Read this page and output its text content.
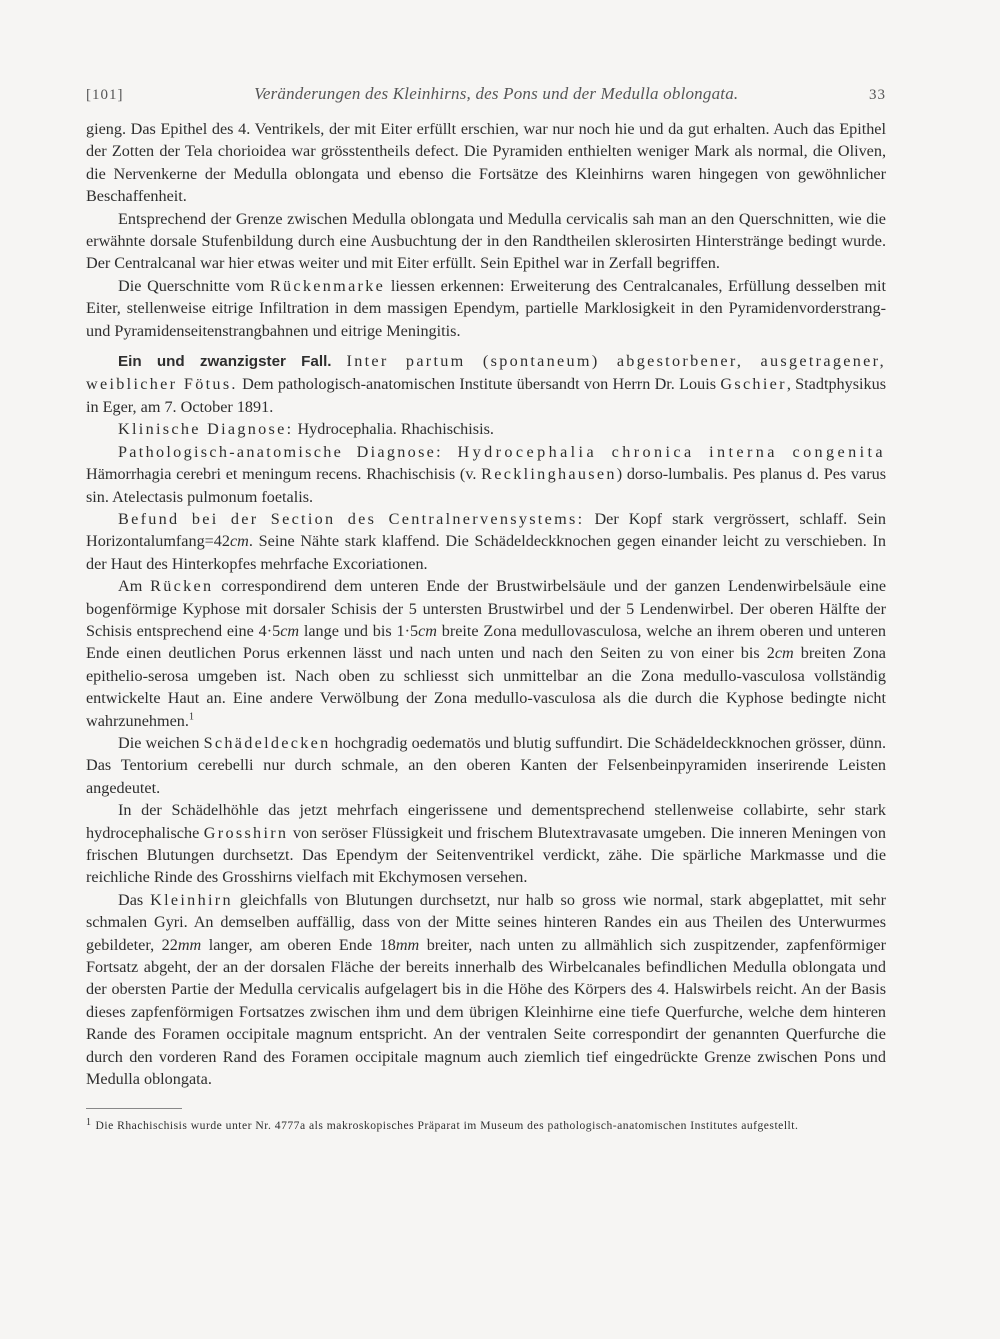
[101]	Veränderungen des Kleinhirns, des Pons und der Medulla oblongata.	33

gieng. Das Epithel des 4. Ventrikels, der mit Eiter erfüllt erschien, war nur noch hie und da gut erhalten. Auch das Epithel der Zotten der Tela chorioidea war grösstentheils defect. Die Pyramiden enthielten weniger Mark als normal, die Oliven, die Nervenkerne der Medulla oblongata und ebenso die Fortsätze des Kleinhirns waren hingegen von gewöhnlicher Beschaffenheit.

Entsprechend der Grenze zwischen Medulla oblongata und Medulla cervicalis sah man an den Querschnitten, wie die erwähnte dorsale Stufenbildung durch eine Ausbuchtung der in den Randtheilen sklerosirten Hinterstränge bedingt wurde. Der Centralcanal war hier etwas weiter und mit Eiter erfüllt. Sein Epithel war in Zerfall begriffen.

Die Querschnitte vom Rückenmarke liessen erkennen: Erweiterung des Centralcanales, Erfüllung desselben mit Eiter, stellenweise eitrige Infiltration in dem massigen Ependym, partielle Marklosigkeit in den Pyramidenvorderstrang- und Pyramidenseitenstrangbahnen und eitrige Meningitis.

Ein und zwanzigster Fall. Inter partum (spontaneum) abgestorbener, ausgetragener, weiblicher Fötus. Dem pathologisch-anatomischen Institute übersandt von Herrn Dr. Louis Gschier, Stadtphysikus in Eger, am 7. October 1891.

Klinische Diagnose: Hydrocephalia. Rhachischisis.

Pathologisch-anatomische Diagnose: Hydrocephalia chronica interna congenita Hämorrhagia cerebri et meningum recens. Rhachischisis (v. Recklinghausen) dorso-lumbalis. Pes planus d. Pes varus sin. Atelectasis pulmonum foetalis.

Befund bei der Section des Centralnervensystems: Der Kopf stark vergrössert, schlaff. Sein Horizontalumfang=42cm. Seine Nähte stark klaffend. Die Schädeldeckknochen gegen einander leicht zu verschieben. In der Haut des Hinterkopfes mehrfache Excoriationen.

Am Rücken correspondirend dem unteren Ende der Brustwirbelsäule und der ganzen Lendenwirbelsäule eine bogenförmige Kyphose mit dorsaler Schisis der 5 untersten Brustwirbel und der 5 Lendenwirbel. Der oberen Hälfte der Schisis entsprechend eine 4·5cm lange und bis 1·5cm breite Zona medullovasculosa, welche an ihrem oberen und unteren Ende einen deutlichen Porus erkennen lässt und nach unten und nach den Seiten zu von einer bis 2cm breiten Zona epithelio-serosa umgeben ist. Nach oben zu schliesst sich unmittelbar an die Zona medullo-vasculosa vollständig entwickelte Haut an. Eine andere Verwölbung der Zona medullo-vasculosa als die durch die Kyphose bedingte nicht wahrzunehmen.$^1$

Die weichen Schädeldecken hochgradig oedematös und blutig suffundirt. Die Schädeldeckknochen grösser, dünn. Das Tentorium cerebelli nur durch schmale, an den oberen Kanten der Felsenbeinpyramiden inserirende Leisten angedeutet.

In der Schädelhöhle das jetzt mehrfach eingerissene und dementsprechend stellenweise collabirte, sehr stark hydrocephalische Grosshirn von seröser Flüssigkeit und frischem Blutextravasate umgeben. Die inneren Meningen von frischen Blutungen durchsetzt. Das Ependym der Seitenventrikel verdickt, zähe. Die spärliche Markmasse und die reichliche Rinde des Grosshirns vielfach mit Ekchymosen versehen.

Das Kleinhirn gleichfalls von Blutungen durchsetzt, nur halb so gross wie normal, stark abgeplattet, mit sehr schmalen Gyri. An demselben auffällig, dass von der Mitte seines hinteren Randes ein aus Theilen des Unterwurmes gebildeter, 22mm langer, am oberen Ende 18mm breiter, nach unten zu allmählich sich zuspitzender, zapfenförmiger Fortsatz abgeht, der an der dorsalen Fläche der bereits innerhalb des Wirbelcanales befindlichen Medulla oblongata und der obersten Partie der Medulla cervicalis aufgelagert bis in die Höhe des Körpers des 4. Halswirbels reicht. An der Basis dieses zapfenförmigen Fortsatzes zwischen ihm und dem übrigen Kleinhirne eine tiefe Querfurche, welche dem hinteren Rande des Foramen occipitale magnum entspricht. An der ventralen Seite correspondirt der genannten Querfurche die durch den vorderen Rand des Foramen occipitale magnum auch ziemlich tief eingedrückte Grenze zwischen Pons und Medulla oblongata.

$^1$ Die Rhachischisis wurde unter Nr. 4777a als makroskopisches Präparat im Museum des pathologisch-anatomischen Institutes aufgestellt.
